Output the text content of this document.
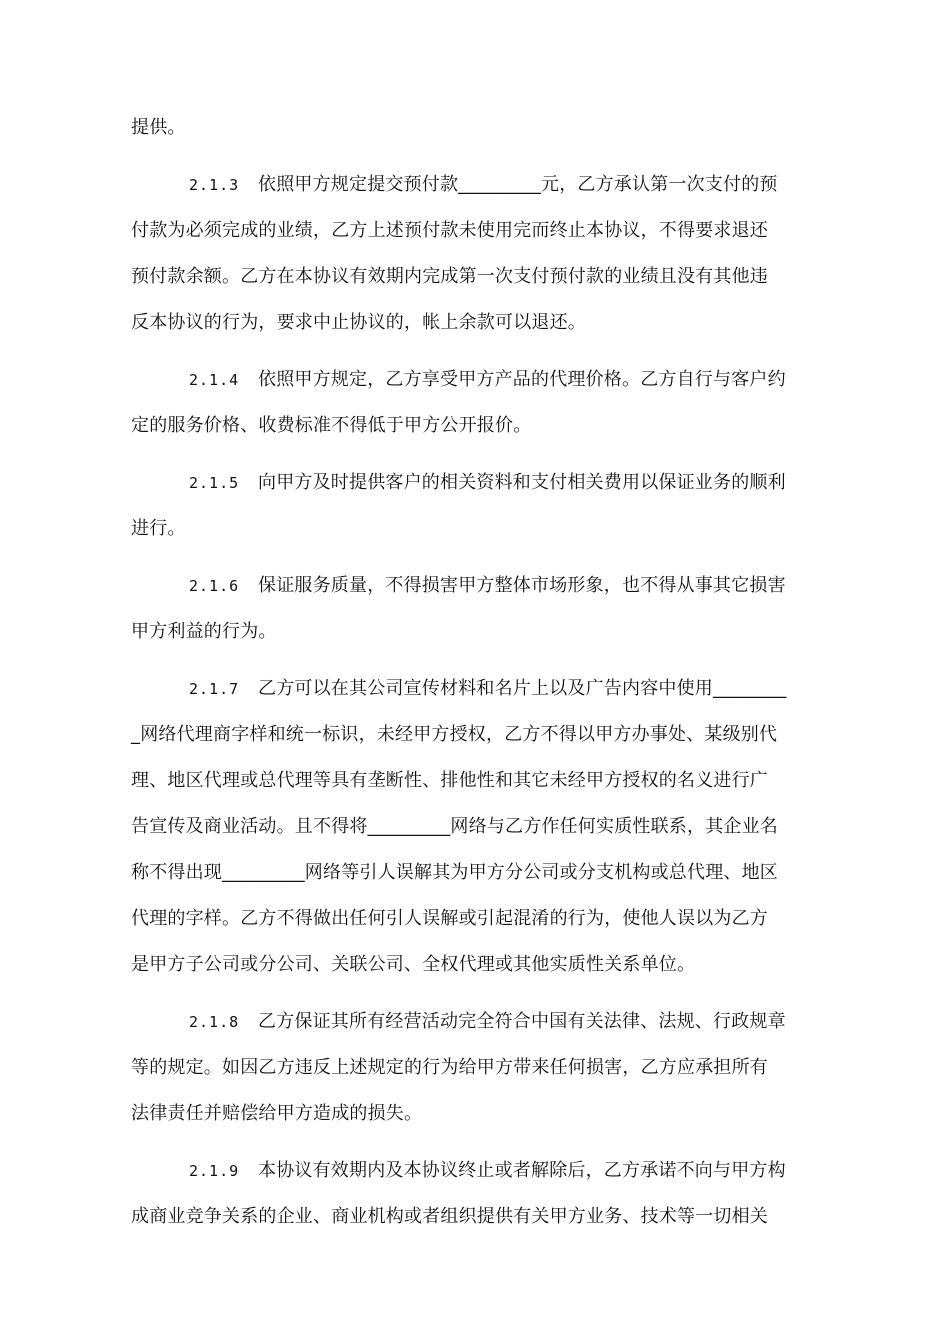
提供。
2.1.3 依照甲方规定提交预付款_________元，乙方承认第一次支付的预
付款为必须完成的业绩，乙方上述预付款未使用完而终止本协议，不得要求退还
预付款余额。乙方在本协议有效期内完成第一次支付预付款的业绩且没有其他违
反本协议的行为，要求中止协议的，帐上余款可以退还。
2.1.4 依照甲方规定，乙方享受甲方产品的代理价格。乙方自行与客户约
定的服务价格、收费标准不得低于甲方公开报价。
2.1.5 向甲方及时提供客户的相关资料和支付相关费用以保证业务的顺利
进行。
2.1.6 保证服务质量，不得损害甲方整体市场形象，也不得从事其它损害
甲方利益的行为。
2.1.7 乙方可以在其公司宣传材料和名片上以及广告内容中使用________
_网络代理商字样和统一标识，未经甲方授权，乙方不得以甲方办事处、某级别代
理、地区代理或总代理等具有垄断性、排他性和其它未经甲方授权的名义进行广
告宣传及商业活动。且不得将_________网络与乙方作任何实质性联系，其企业名
称不得出现_________网络等引人误解其为甲方分公司或分支机构或总代理、地区
代理的字样。乙方不得做出任何引人误解或引起混淆的行为，使他人误以为乙方
是甲方子公司或分公司、关联公司、全权代理或其他实质性关系单位。
2.1.8 乙方保证其所有经营活动完全符合中国有关法律、法规、行政规章
等的规定。如因乙方违反上述规定的行为给甲方带来任何损害，乙方应承担所有
法律责任并赔偿给甲方造成的损失。
2.1.9 本协议有效期内及本协议终止或者解除后，乙方承诺不向与甲方构
成商业竞争关系的企业、商业机构或者组织提供有关甲方业务、技术等一切相关
